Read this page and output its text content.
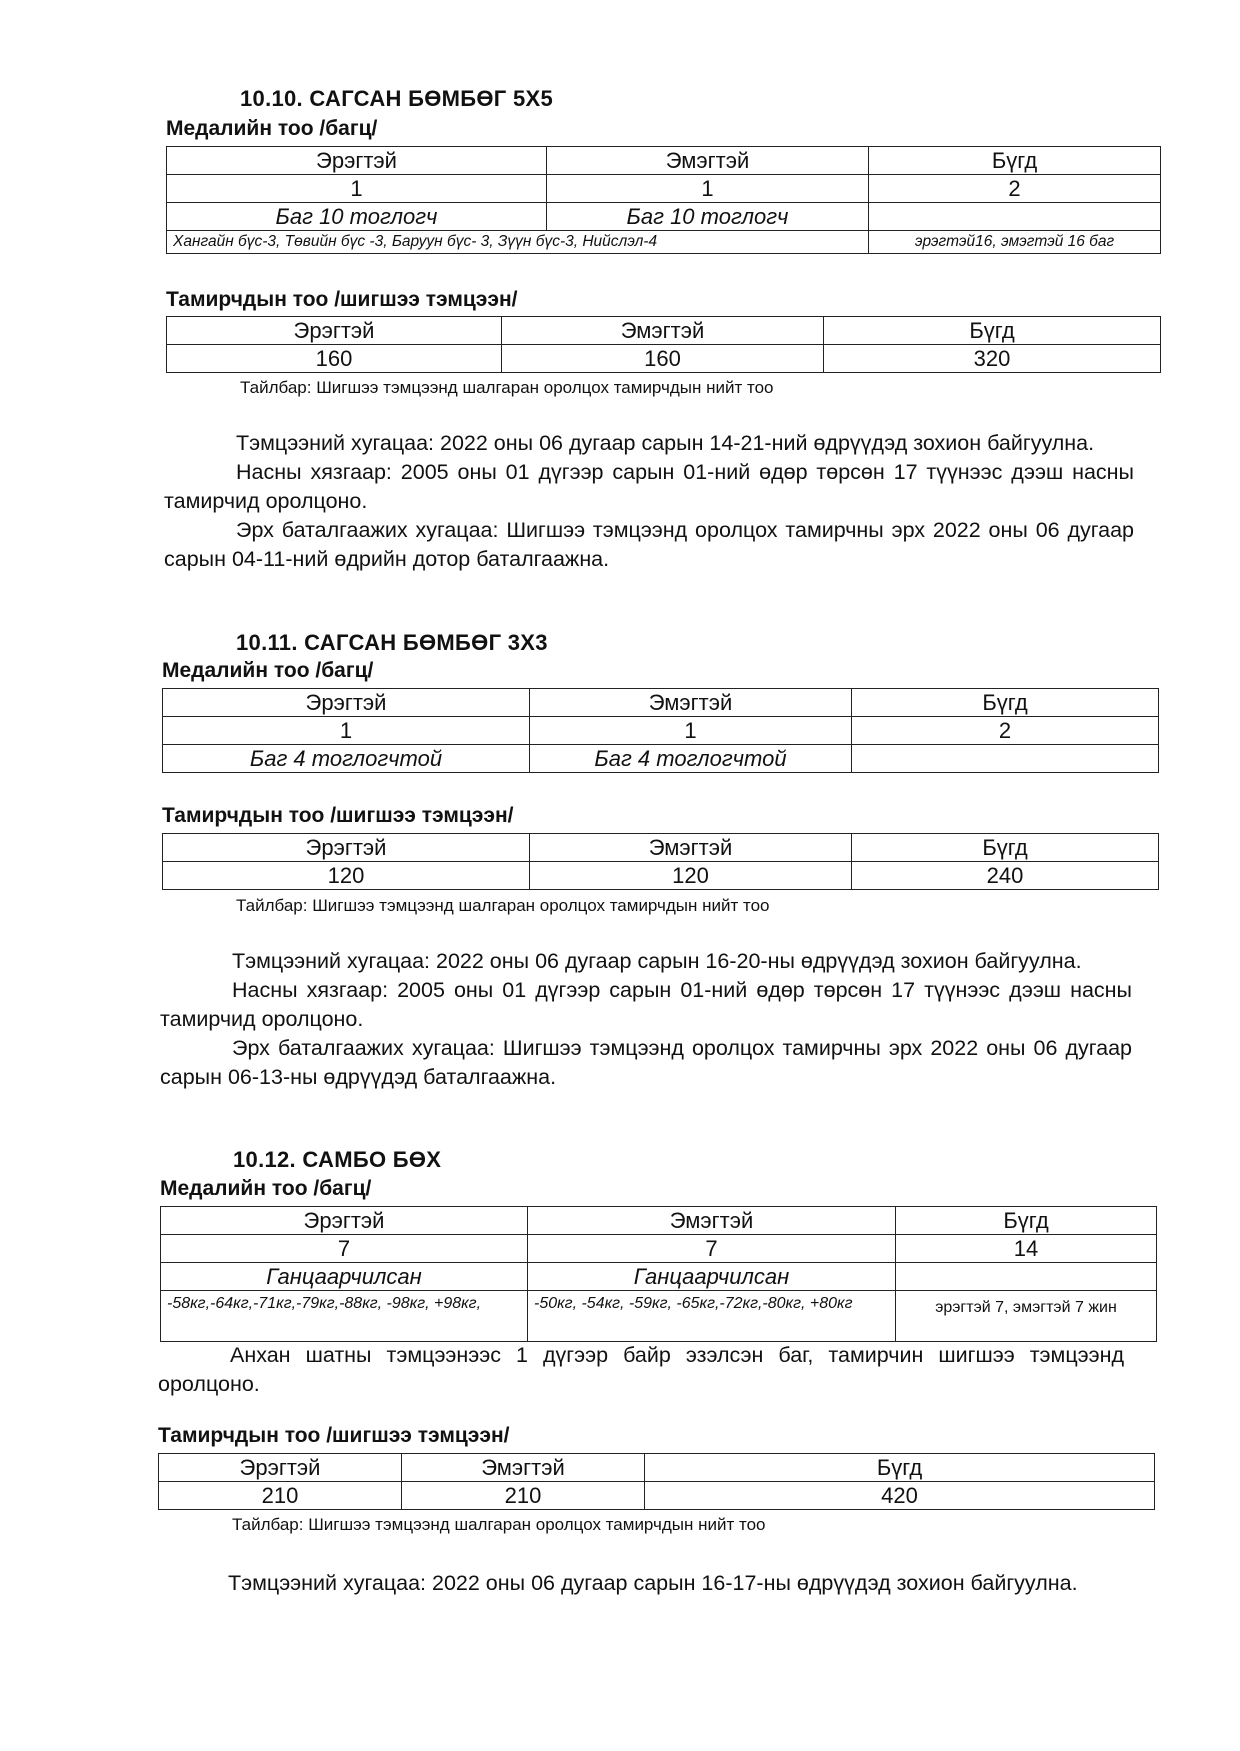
10.10. САГСАН БӨМБӨГ 5Х5
Медалийн тоо /багц/
Эрэгтэй	Эмэгтэй	Бүгд
1	1	2
Баг 10 тоглогч	Баг 10 тоглогч	
Хангайн бүс-3, Төвийн бүс -3, Баруун бүс- 3, Зүүн бүс-3, Нийслэл-4		эрэгтэй16, эмэгтэй 16 баг
Тамирчдын тоо /шигшээ тэмцээн/
Эрэгтэй	Эмэгтэй	Бүгд
160	160	320
Тайлбар: Шигшээ тэмцээнд шалгаран оролцох тамирчдын нийт тоо

Тэмцээний хугацаа: 2022 оны 06 дугаар сарын 14-21-ний өдрүүдэд зохион байгуулна.

Насны хязгаар: 2005 оны 01 дүгээр сарын 01-ний өдөр төрсөн 17 түүнээс дээш насны тамирчид оролцоно.

Эрх баталгаажих хугацаа: Шигшээ тэмцээнд оролцох тамирчны эрх 2022 оны 06 дугаар сарын 04-11-ний өдрийн дотор баталгаажна.

10.11. САГСАН БӨМБӨГ 3Х3
Медалийн тоо /багц/
Эрэгтэй	Эмэгтэй	Бүгд
1	1	2
Баг 4 тоглогчтой	Баг 4 тоглогчтой	
Тамирчдын тоо /шигшээ тэмцээн/
Эрэгтэй	Эмэгтэй	Бүгд
120	120	240
Тайлбар: Шигшээ тэмцээнд шалгаран оролцох тамирчдын нийт тоо

Тэмцээний хугацаа: 2022 оны 06 дугаар сарын 16-20-ны өдрүүдэд зохион байгуулна.

Насны хязгаар: 2005 оны 01 дүгээр сарын 01-ний өдөр төрсөн 17 түүнээс дээш насны тамирчид оролцоно.

Эрх баталгаажих хугацаа: Шигшээ тэмцээнд оролцох тамирчны эрх 2022 оны 06 дугаар сарын 06-13-ны өдрүүдэд баталгаажна.

10.12. САМБО БӨХ
Медалийн тоо /багц/
Эрэгтэй	Эмэгтэй	Бүгд
7	7	14
Ганцаарчилсан	Ганцаарчилсан	
-58кг,-64кг,-71кг,-79кг,-88кг, -98кг, +98кг,	-50кг, -54кг, -59кг, -65кг,-72кг,-80кг, +80кг	эрэгтэй 7, эмэгтэй 7 жин

Анхан шатны тэмцээнээс 1 дүгээр байр эзэлсэн баг, тамирчин шигшээ тэмцээнд оролцоно.

Тамирчдын тоо /шигшээ тэмцээн/
Эрэгтэй	Эмэгтэй	Бүгд
210	210	420
Тайлбар: Шигшээ тэмцээнд шалгаран оролцох тамирчдын нийт тоо

Тэмцээний хугацаа: 2022 оны 06 дугаар сарын 16-17-ны өдрүүдэд зохион байгуулна.
